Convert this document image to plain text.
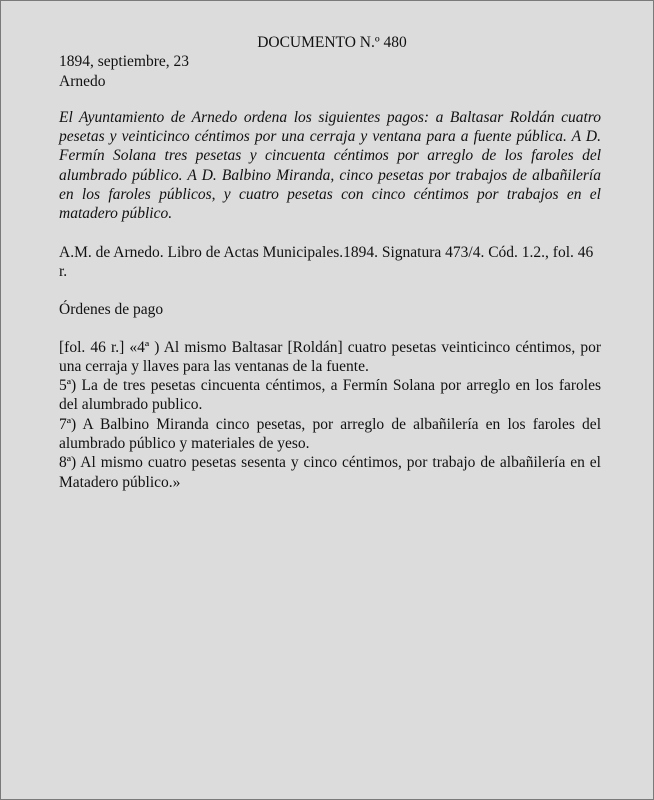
DOCUMENTO N.º 480

1894, septiembre, 23

Arnedo

El Ayuntamiento de Arnedo ordena los siguientes pagos: a Baltasar Roldán cuatro pesetas y veinticinco céntimos por una cerraja y ventana para a fuente pública. A D. Fermín Solana tres pesetas y cincuenta céntimos por arreglo de los faroles del alumbrado público. A D. Balbino Miranda, cinco pesetas por trabajos de albañilería en los faroles públicos, y cuatro pesetas con cinco céntimos por trabajos en el matadero público.

A.M. de Arnedo. Libro de Actas Municipales.1894. Signatura 473/4. Cód. 1.2., fol. 46 r.

Órdenes de pago

[fol. 46 r.] «4ª ) Al mismo Baltasar [Roldán] cuatro pesetas veinticinco céntimos, por una cerraja y llaves para las ventanas de la fuente.

5ª) La de tres pesetas cincuenta céntimos, a Fermín Solana por arreglo en los faroles del alumbrado publico.

7ª) A Balbino Miranda cinco pesetas, por arreglo de albañilería en los faroles del alumbrado público y materiales de yeso.

8ª) Al mismo cuatro pesetas sesenta y cinco céntimos, por trabajo de albañilería en el Matadero público.»
